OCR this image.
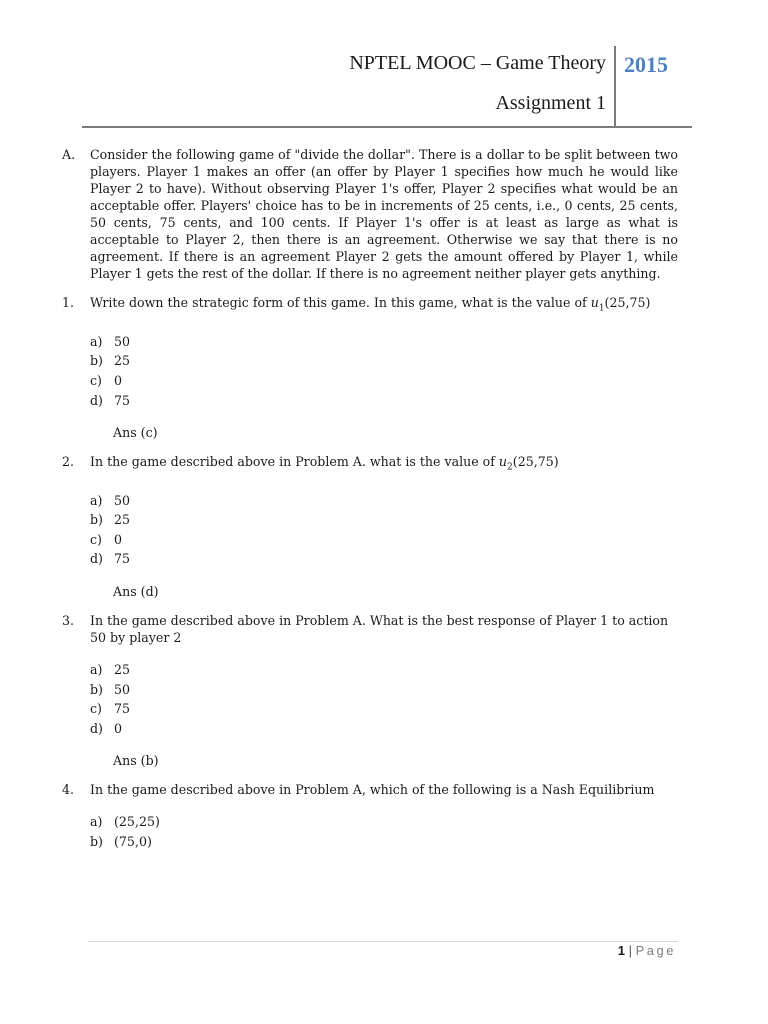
NPTEL MOOC – Game Theory
Assignment 1
2015
A.	Consider the following game of "divide the dollar". There is a dollar to be split between two players. Player 1 makes an offer (an offer by Player 1 specifies how much he would like Player 2 to have). Without observing Player 1's offer, Player 2 specifies what would be an acceptable offer. Players' choice has to be in increments of 25 cents, i.e., 0 cents, 25 cents, 50 cents, 75 cents, and 100 cents. If Player 1's offer is at least as large as what is acceptable to Player 2, then there is an agreement. Otherwise we say that there is no agreement. If there is an agreement Player 2 gets the amount offered by Player 1, while Player 1 gets the rest of the dollar. If there is no agreement neither player gets anything.
1.	Write down the strategic form of this game. In this game, what is the value of $u_1(25,75)$
a) 50
b) 25
c) 0
d) 75
Ans (c)
2.	In the game described above in Problem A. what is the value of $u_2(25,75)$
a) 50
b) 25
c) 0
d) 75
Ans (d)
3.	In the game described above in Problem A. What is the best response of Player 1 to action 50 by player 2
a) 25
b) 50
c) 75
d) 0
Ans (b)
4.	In the game described above in Problem A, which of the following is a Nash Equilibrium
a) (25,25)
b) (75,0)
1 | Page
